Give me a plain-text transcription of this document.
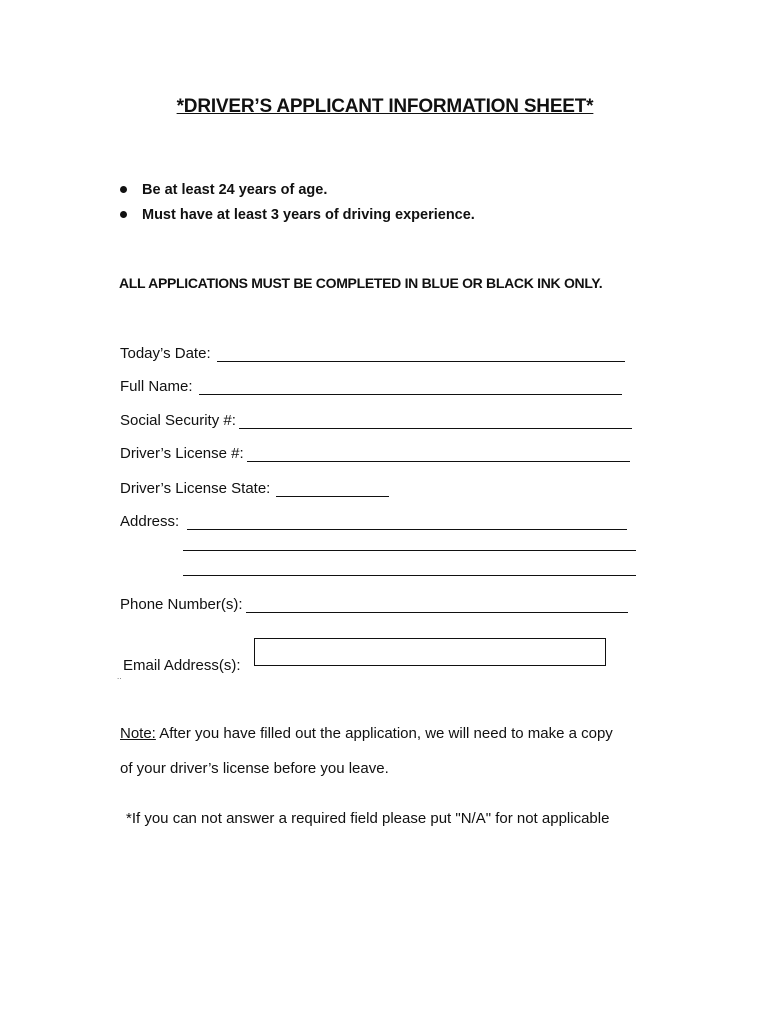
*DRIVER’S APPLICANT INFORMATION SHEET*
Be at least 24 years of age.
Must have at least 3 years of driving experience.
ALL APPLICATIONS MUST BE COMPLETED IN BLUE OR BLACK INK ONLY.
Today’s Date:
Full Name:
Social Security #:
Driver’s License #:
Driver’s License State:
Address:
Phone Number(s):
Email Address(s):
..
Note: After you have filled out the application, we will need to make a copy
of your driver’s license before you leave.
*If you can not answer a required field please put "N/A" for not applicable
